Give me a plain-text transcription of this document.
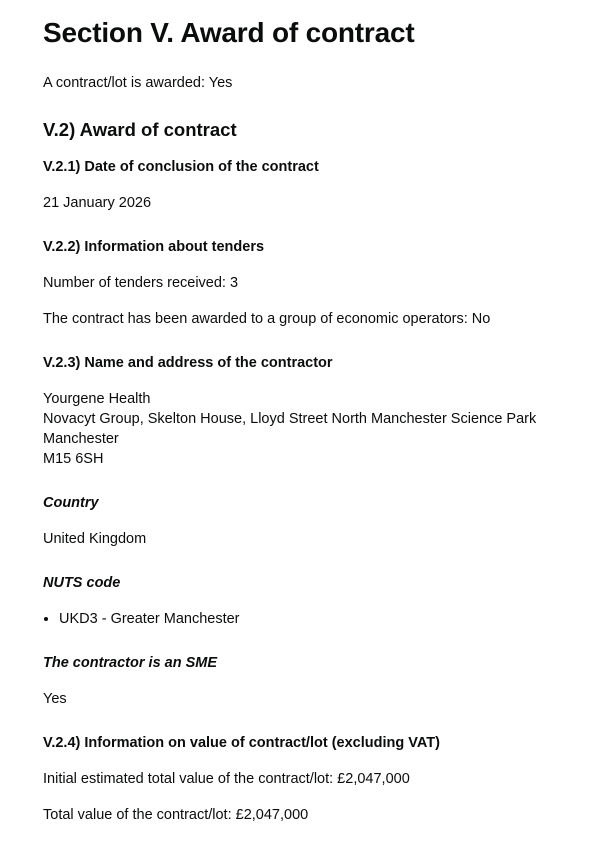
Section V. Award of contract

A contract/lot is awarded: Yes

V.2) Award of contract
V.2.1) Date of conclusion of the contract

21 January 2026

V.2.2) Information about tenders

Number of tenders received: 3

The contract has been awarded to a group of economic operators: No

V.2.3) Name and address of the contractor
Yourgene Health
Novacyt Group, Skelton House, Lloyd Street North Manchester Science Park
Manchester
M15 6SH
Country

United Kingdom

NUTS code
• UKD3 - Greater Manchester
The contractor is an SME

Yes

V.2.4) Information on value of contract/lot (excluding VAT)

Initial estimated total value of the contract/lot: £2,047,000

Total value of the contract/lot: £2,047,000
